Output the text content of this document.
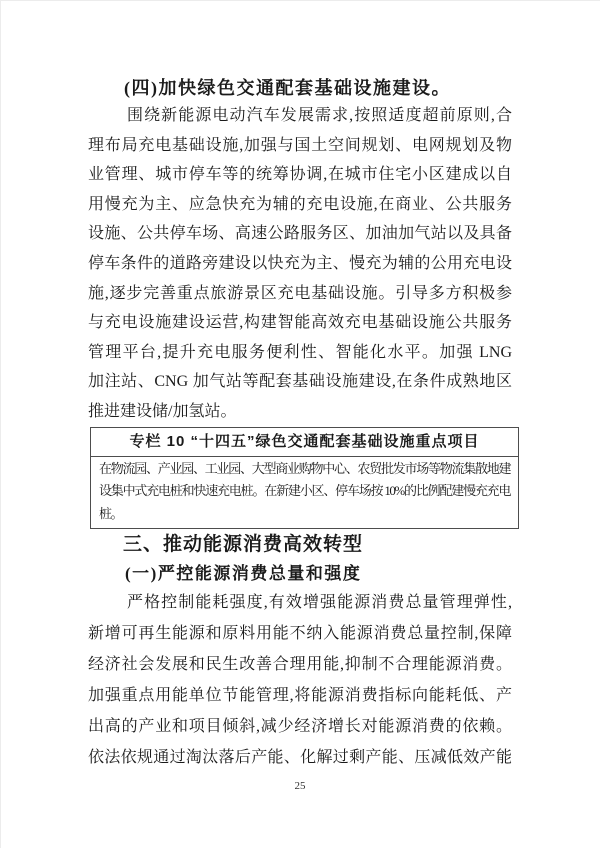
(四)加快绿色交通配套基础设施建设。
围绕新能源电动汽车发展需求,按照适度超前原则,合
理布局充电基础设施,加强与国土空间规划、电网规划及物
业管理、城市停车等的统筹协调,在城市住宅小区建成以自
用慢充为主、应急快充为辅的充电设施,在商业、公共服务
设施、公共停车场、高速公路服务区、加油加气站以及具备
停车条件的道路旁建设以快充为主、慢充为辅的公用充电设
施,逐步完善重点旅游景区充电基础设施。引导多方积极参
与充电设施建设运营,构建智能高效充电基础设施公共服务
管理平台,提升充电服务便利性、智能化水平。加强 LNG
加注站、CNG 加气站等配套基础设施建设,在条件成熟地区
推进建设储/加氢站。
专栏 10 “十四五”绿色交通配套基础设施重点项目
在物流园、产业园、工业园、大型商业购物中心、农贸批发市场等物流集散地建
设集中式充电桩和快速充电桩。在新建小区、停车场按 10%的比例配建慢充充电
桩。
三、推动能源消费高效转型
(一)严控能源消费总量和强度
严格控制能耗强度,有效增强能源消费总量管理弹性,
新增可再生能源和原料用能不纳入能源消费总量控制,保障
经济社会发展和民生改善合理用能,抑制不合理能源消费。
加强重点用能单位节能管理,将能源消费指标向能耗低、产
出高的产业和项目倾斜,减少经济增长对能源消费的依赖。
依法依规通过淘汰落后产能、化解过剩产能、压减低效产能
25
